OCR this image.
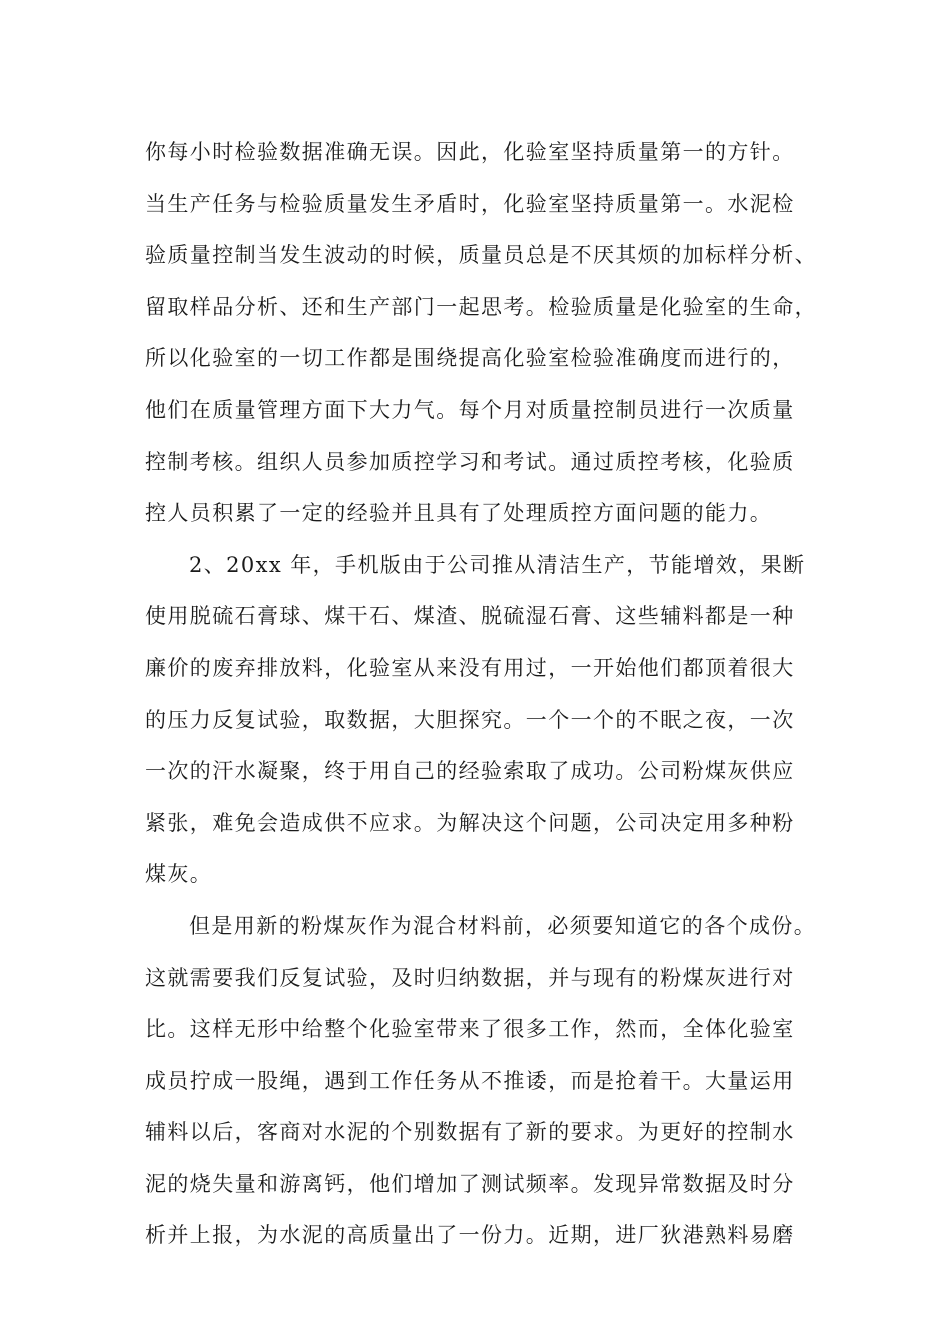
你每小时检验数据准确无误。因此，化验室坚持质量第一的方针。
当生产任务与检验质量发生矛盾时，化验室坚持质量第一。水泥检
验质量控制当发生波动的时候，质量员总是不厌其烦的加标样分析、
留取样品分析、还和生产部门一起思考。检验质量是化验室的生命，
所以化验室的一切工作都是围绕提高化验室检验准确度而进行的，
他们在质量管理方面下大力气。每个月对质量控制员进行一次质量
控制考核。组织人员参加质控学习和考试。通过质控考核，化验质
控人员积累了一定的经验并且具有了处理质控方面问题的能力。
2、20xx 年，手机版由于公司推从清洁生产，节能增效，果断
使用脱硫石膏球、煤干石、煤渣、脱硫湿石膏、这些辅料都是一种
廉价的废弃排放料，化验室从来没有用过，一开始他们都顶着很大
的压力反复试验，取数据，大胆探究。一个一个的不眠之夜，一次
一次的汗水凝聚，终于用自己的经验索取了成功。公司粉煤灰供应
紧张，难免会造成供不应求。为解决这个问题，公司决定用多种粉
煤灰。
但是用新的粉煤灰作为混合材料前，必须要知道它的各个成份。
这就需要我们反复试验，及时归纳数据，并与现有的粉煤灰进行对
比。这样无形中给整个化验室带来了很多工作，然而，全体化验室
成员拧成一股绳，遇到工作任务从不推诿，而是抢着干。大量运用
辅料以后，客商对水泥的个别数据有了新的要求。为更好的控制水
泥的烧失量和游离钙，他们增加了测试频率。发现异常数据及时分
析并上报，为水泥的高质量出了一份力。近期，进厂狄港熟料易磨
